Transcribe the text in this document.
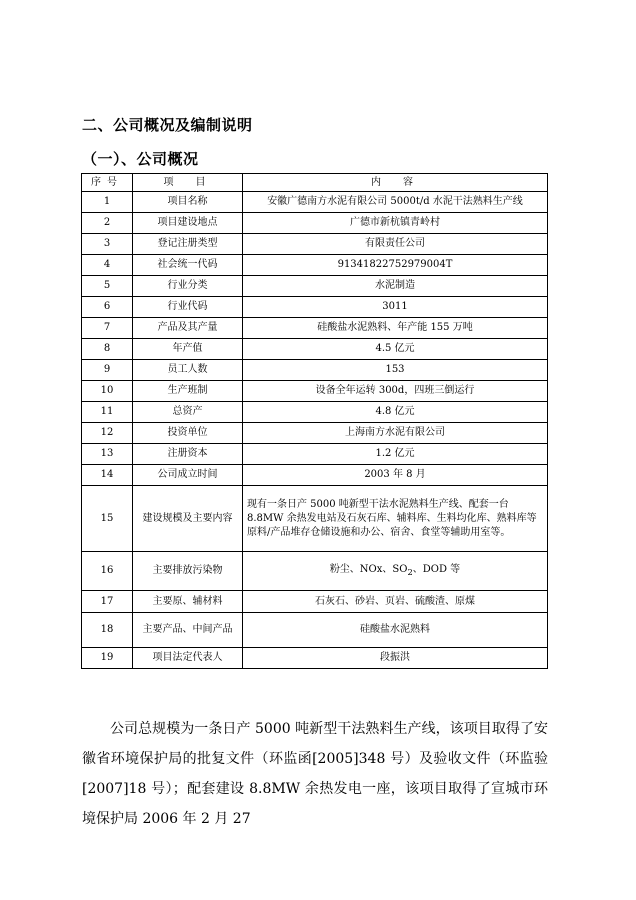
二、公司概况及编制说明
（一）、公司概况
序号	项　目	内　容
1	项目名称	安徽广德南方水泥有限公司 5000t/d 水泥干法熟料生产线
2	项目建设地点	广德市新杭镇青岭村
3	登记注册类型	有限责任公司
4	社会统一代码	91341822752979004T
5	行业分类	水泥制造
6	行业代码	3011
7	产品及其产量	硅酸盐水泥熟料、年产能 155 万吨
8	年产值	4.5 亿元
9	员工人数	153
10	生产班制	设备全年运转 300d，四班三倒运行
11	总资产	4.8 亿元
12	投资单位	上海南方水泥有限公司
13	注册资本	1.2 亿元
14	公司成立时间	2003 年 8 月
15	建设规模及主要内容	现有一条日产 5000 吨新型干法水泥熟料生产线、配套一台 8.8MW 余热发电站及石灰石库、辅料库、生料均化库、熟料库等原料/产品堆存仓储设施和办公、宿舍、食堂等辅助用室等。
16	主要排放污染物	粉尘、NOx、$SO_2$、DOD 等
17	主要原、辅材料	石灰石、砂岩、页岩、硫酸渣、原煤
18	主要产品、中间产品	硅酸盐水泥熟料
19	项目法定代表人	段振洪
公司总规模为一条日产 5000 吨新型干法熟料生产线，该项目取得了安徽省环境保护局的批复文件（环监函[2005]348 号）及验收文件（环监验[2007]18 号）；配套建设 8.8MW 余热发电一座，该项目取得了宣城市环境保护局 2006 年 2 月 27
